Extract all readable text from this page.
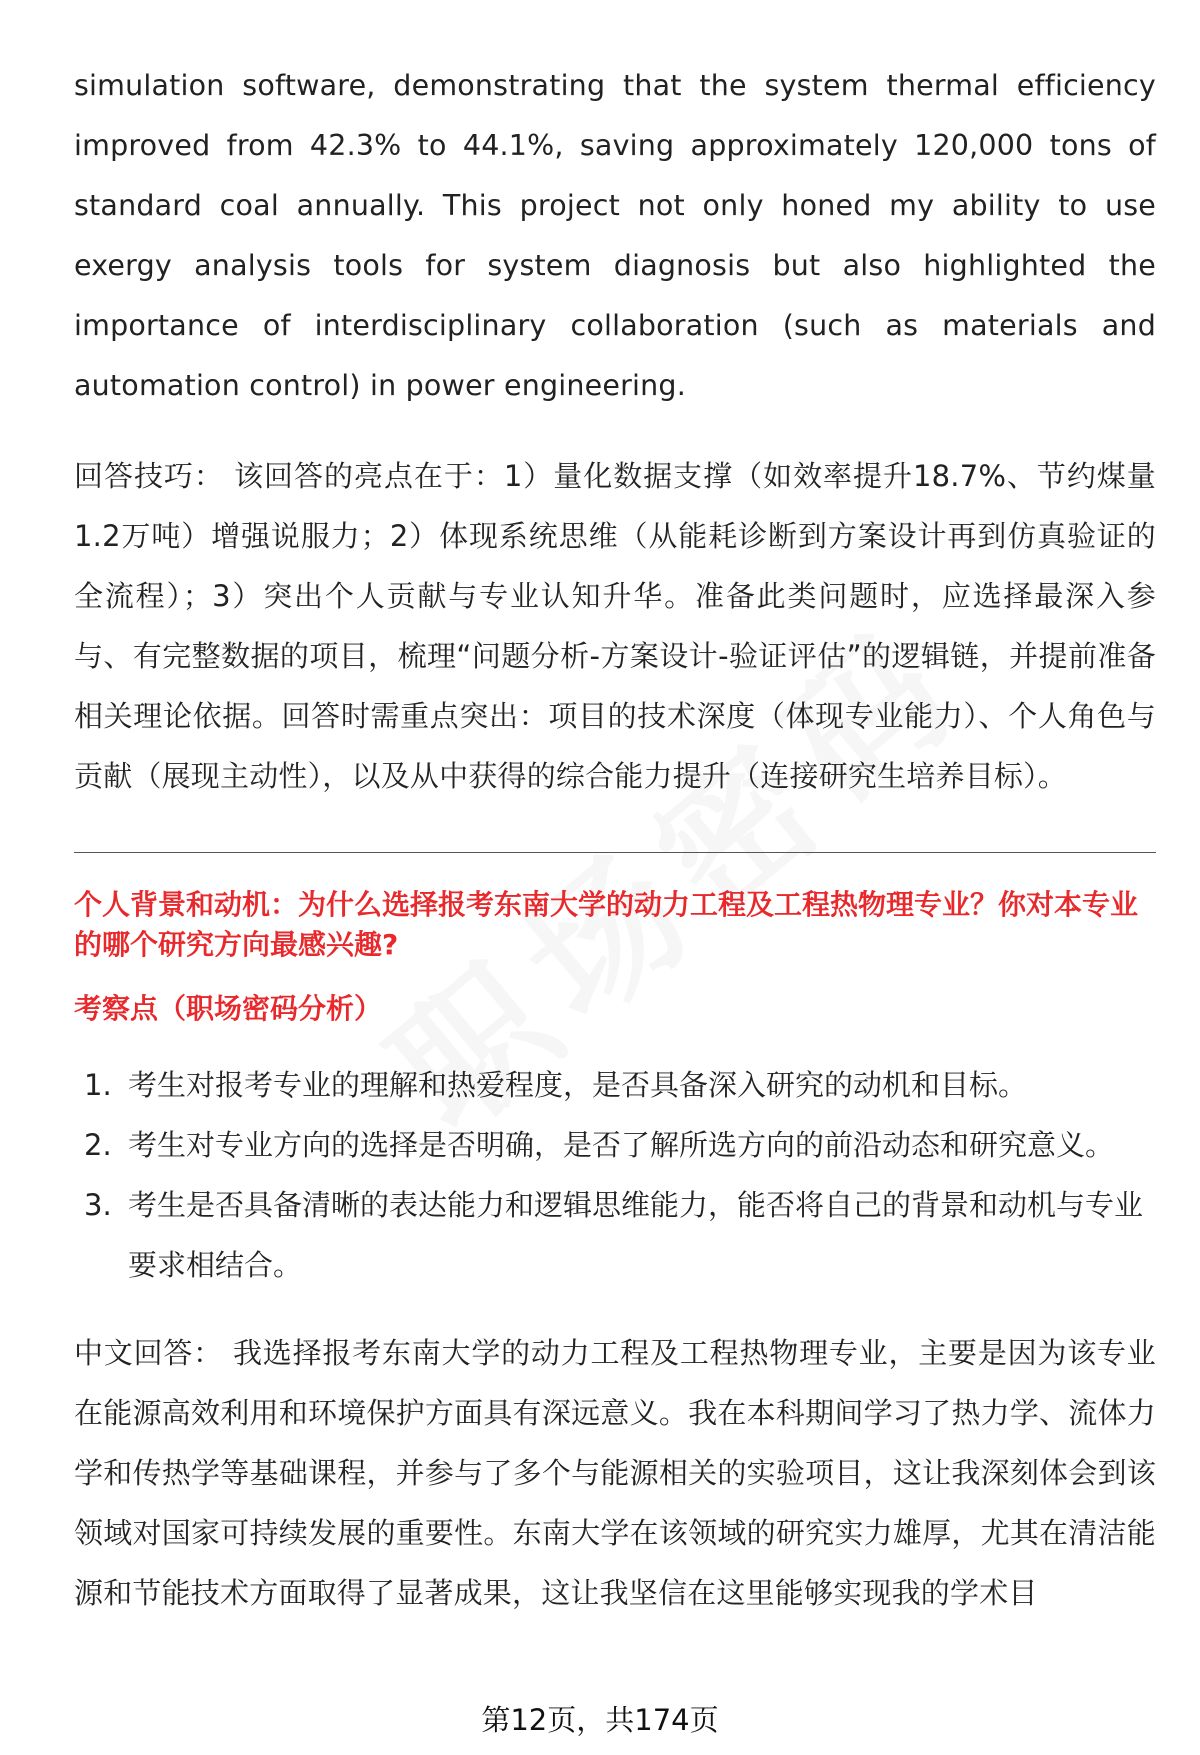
simulation software, demonstrating that the system thermal efficiency improved from 42.3% to 44.1%, saving approximately 120,000 tons of standard coal annually. This project not only honed my ability to use exergy analysis tools for system diagnosis but also highlighted the importance of interdisciplinary collaboration (such as materials and automation control) in power engineering.

回答技巧： 该回答的亮点在于：1）量化数据支撑（如效率提升18.7%、节约煤量1.2万吨）增强说服力；2）体现系统思维（从能耗诊断到方案设计再到仿真验证的全流程）；3）突出个人贡献与专业认知升华。准备此类问题时，应选择最深入参与、有完整数据的项目，梳理“问题分析-方案设计-验证评估”的逻辑链，并提前准备相关理论依据。回答时需重点突出：项目的技术深度（体现专业能力）、个人角色与贡献（展现主动性），以及从中获得的综合能力提升（连接研究生培养目标）。

个人背景和动机：为什么选择报考东南大学的动力工程及工程热物理专业？你对本专业的哪个研究方向最感兴趣?

考察点（职场密码分析）

1. 考生对报考专业的理解和热爱程度，是否具备深入研究的动机和目标。
2. 考生对专业方向的选择是否明确，是否了解所选方向的前沿动态和研究意义。
3. 考生是否具备清晰的表达能力和逻辑思维能力，能否将自己的背景和动机与专业要求相结合。

中文回答： 我选择报考东南大学的动力工程及工程热物理专业，主要是因为该专业在能源高效利用和环境保护方面具有深远意义。我在本科期间学习了热力学、流体力学和传热学等基础课程，并参与了多个与能源相关的实验项目，这让我深刻体会到该领域对国家可持续发展的重要性。东南大学在该领域的研究实力雄厚，尤其在清洁能源和节能技术方面取得了显著成果，这让我坚信在这里能够实现我的学术目

第12页，共174页
